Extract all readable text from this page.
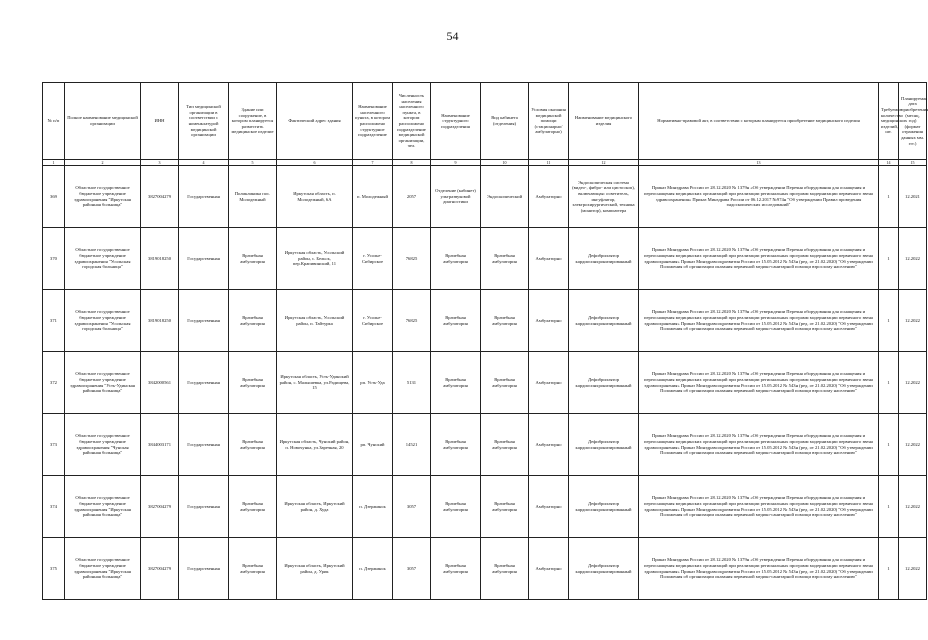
54
№ п/п	Полное наименование медицинской организации	ИНН	Тип медицинской организации в соответствии с номенклатурой медицинской организации	Здание или сооружение, в котором планируется разместить медицинское изделие	Фактический адрес здания	Наименование населенного пункта, в котором расположено структурное подразделение	Численность населения населенного пункта, в котором расположено подразделение медицинской организации, чел.	Наименование структурного подразделения	Вид кабинета (отделения)	Условия оказания медицинской помощи (стационарно/амбулаторно)	Наименование медицинского изделия	Нормативно-правовой акт, в соответствии с которым планируется приобретение медицинского изделия	Требуемое количество медицинских изделий, шт.	Планируемая дата приобретения (месяц, год) (формат отражения данных мм. ггг.)
1	2	3	4	5	6	7	8	9	10	11	12	13	14	15
369	Областное государственное бюджетное учреждение здравоохранения "Иркутская районная больница"	3827004279	Государственная	Поликлиника пос. Молодежный	Иркутская область, п. Молодежный, 6А	п. Молодежный	2057	Отделение (кабинет) ультразвуковой диагностики	Эндоскопический	Амбулаторно	Эндоскопическая система (видео-, фибро- или цистоскоп), включающая: осветитель, ингуфлятор, электрохирургический, техника (монитор), компьютера	Приказ Минздрава России от 28.12.2020 № 1379н «Об утверждении Перечня оборудования для оснащения и переоснащения медицинских организаций при реализации региональных программ модернизации первичного звена здравоохранения» Приказ Минздрава России от 06.12.2017 №974н "Об утверждении Правил проведения эндоскопических исследований"	1	12.2021
370	Областное государственное бюджетное учреждение здравоохранения "Усольская городская больница"	3819018250	Государственная	Врачебная амбулатория	Иркутская область, Усольский район, с. Бельск, пер.Крапивинский, 11	г. Усолье-Сибирское	76825	Врачебная амбулатория	Врачебная амбулатория	Амбулаторно	Дефибриллятор кардиосинхронизированный	Приказ Минздрава России от 28.12.2020 № 1379н «Об утверждении Перечня оборудования для оснащения и переоснащения медицинских организаций при реализации региональных программ модернизации первичного звена здравоохранения» Приказ Минздравсоцразвития России от 15.05.2012 № 543н (ред. от 21.02.2020) "Об утверждении Положения об организации оказания первичной медико-санитарной помощи взрослому населению"	1	12.2022
371	Областное государственное бюджетное учреждение здравоохранения "Усольская городская больница"	3819018250	Государственная	Врачебная амбулатория	Иркутская область, Усольский район, п. Тайтурка	г. Усолье-Сибирское	76825	Врачебная амбулатория	Врачебная амбулатория	Амбулаторно	Дефибриллятор кардиосинхронизированный	Приказ Минздрава России от 28.12.2020 № 1379н «Об утверждении Перечня оборудования для оснащения и переоснащения медицинских организаций при реализации региональных программ модернизации первичного звена здравоохранения» Приказ Минздравсоцразвития России от 15.05.2012 № 543н (ред. от 21.02.2020) "Об утверждении Положения об организации оказания первичной медико-санитарной помощи взрослому населению"	1	12.2022
372	Областное государственное бюджетное учреждение здравоохранения "Усть-Удинская районная больница"	3842000561	Государственная	Врачебная амбулатория	Иркутская область, Усть-Удинский район, с. Малышевка, ул.Радищева, 15	рп. Усть-Уда	5131	Врачебная амбулатория	Врачебная амбулатория	Амбулаторно	Дефибриллятор кардиосинхронизированный	Приказ Минздрава России от 28.12.2020 № 1379н «Об утверждении Перечня оборудования для оснащения и переоснащения медицинских организаций при реализации региональных программ модернизации первичного звена здравоохранения» Приказ Минздравсоцразвития России от 15.05.2012 № 543н (ред. от 21.02.2020) "Об утверждении Положения об организации оказания первичной медико-санитарной помощи взрослому населению"	1	12.2022
373	Областное государственное бюджетное учреждение здравоохранения "Чунская районная больница"	3844003171	Государственная	Врачебная амбулатория	Иркутская область, Чунский район, п. Новочунка, ул.Заречная, 20	рп. Чунский	14521	Врачебная амбулатория	Врачебная амбулатория	Амбулаторно	Дефибриллятор кардиосинхронизированный	Приказ Минздрава России от 28.12.2020 № 1379н «Об утверждении Перечня оборудования для оснащения и переоснащения медицинских организаций при реализации региональных программ модернизации первичного звена здравоохранения» Приказ Минздравсоцразвития России от 15.05.2012 № 543н (ред. от 21.02.2020) "Об утверждении Положения об организации оказания первичной медико-санитарной помощи взрослому населению"	1	12.2022
374	Областное государственное бюджетное учреждение здравоохранения "Иркутская районная больница"	3827004279	Государственная	Врачебная амбулатория	Иркутская область, Иркутский район, д. Худа	п. Дзержинск	3057	Врачебная амбулатория	Врачебная амбулатория	Амбулаторно	Дефибриллятор кардиосинхронизированный	Приказ Минздрава России от 28.12.2020 № 1379н «Об утверждении Перечня оборудования для оснащения и переоснащения медицинских организаций при реализации региональных программ модернизации первичного звена здравоохранения» Приказ Минздравсоцразвития России от 15.05.2012 № 543н (ред. от 21.02.2020) "Об утверждении Положения об организации оказания первичной медико-санитарной помощи взрослому населению"	1	12.2022
375	Областное государственное бюджетное учреждение здравоохранения "Иркутская районная больница"	3827004279	Государственная	Врачебная амбулатория	Иркутская область, Иркутский район, д. Урик	п. Дзержинск	3057	Врачебная амбулатория	Врачебная амбулатория	Амбулаторно	Дефибриллятор кардиосинхронизированный	Приказ Минздрава России от 28.12.2020 № 1379н «Об утверждении Перечня оборудования для оснащения и переоснащения медицинских организаций при реализации региональных программ модернизации первичного звена здравоохранения» Приказ Минздравсоцразвития России от 15.05.2012 № 543н (ред. от 21.02.2020) "Об утверждении Положения об организации оказания первичной медико-санитарной помощи взрослому населению"	1	12.2022
